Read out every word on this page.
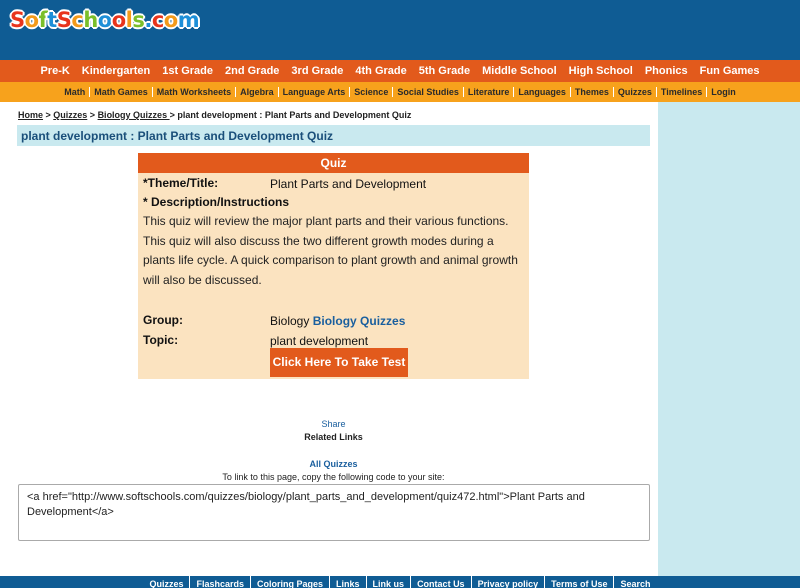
SoftSchools.com
Pre-K	Kindergarten	1st Grade	2nd Grade	3rd Grade	4th Grade	5th Grade	Middle School	High School	Phonics	Fun Games
Math	Math Games	Math Worksheets	Algebra	Language Arts	Science	Social Studies	Literature	Languages	Themes	Quizzes	Timelines	Login
Home > Quizzes > Biology Quizzes > plant development : Plant Parts and Development Quiz
plant development : Plant Parts and Development Quiz
Quiz
*Theme/Title:	Plant Parts and Development
* Description/Instructions
This quiz will review the major plant parts and their various functions. This quiz will also discuss the two different growth modes during a plants life cycle. A quick comparison to plant growth and animal growth will also be discussed.
Group:	Biology Biology Quizzes
Topic:	plant development
Click Here To Take Test
Share
Related Links
All Quizzes
To link to this page, copy the following code to your site:
<a href="http://www.softschools.com/quizzes/biology/plant_parts_and_development/quiz472.html">Plant Parts and Development</a>
Quizzes	Flashcards	Coloring Pages	Links	Link us	Contact Us	Privacy policy	Terms of Use	Search
